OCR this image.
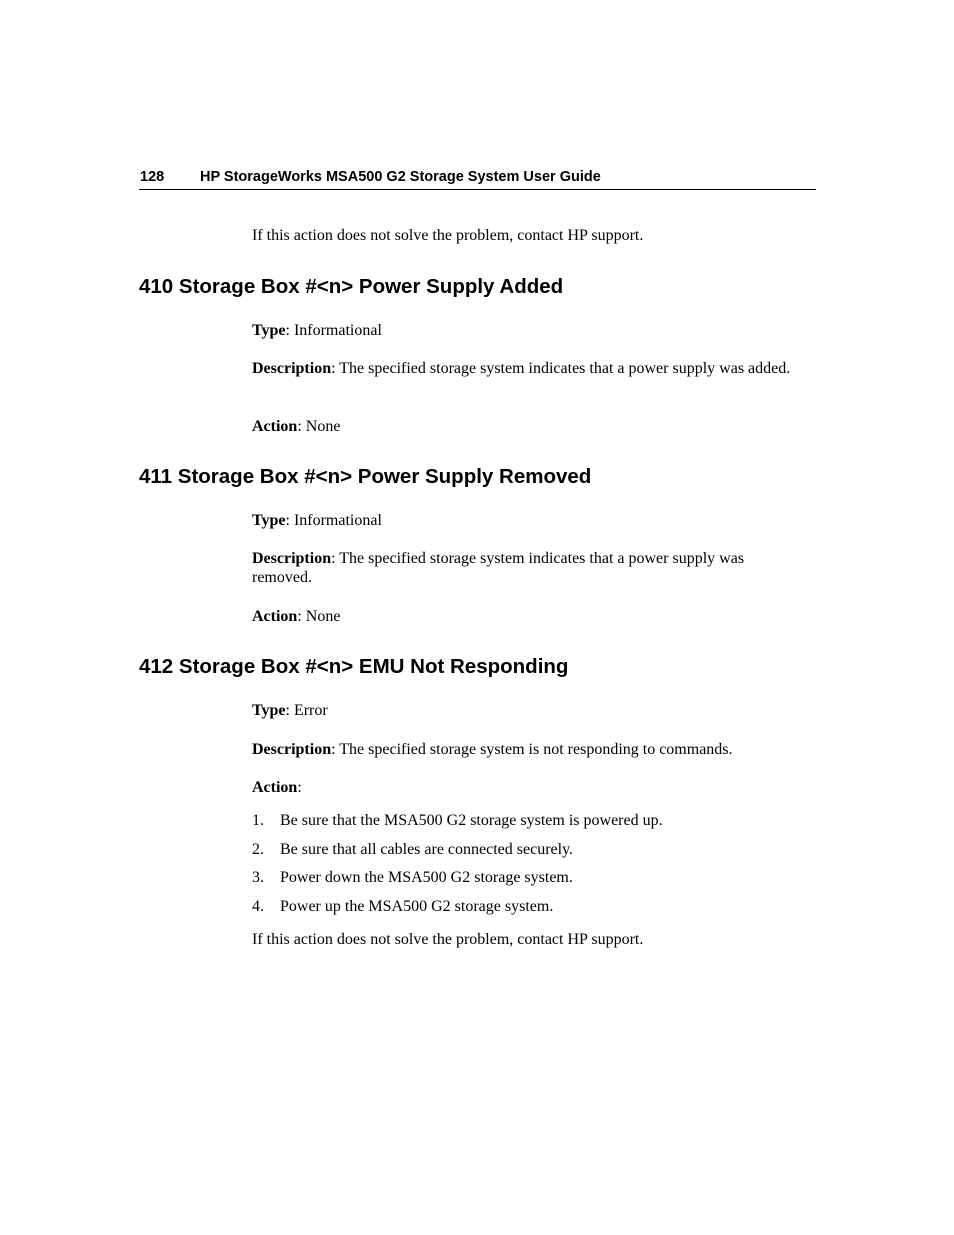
128 HP StorageWorks MSA500 G2 Storage System User Guide

If this action does not solve the problem, contact HP support.

410 Storage Box #<n> Power Supply Added

Type: Informational

Description: The specified storage system indicates that a power supply was added.

Action: None

411 Storage Box #<n> Power Supply Removed

Type: Informational

Description: The specified storage system indicates that a power supply was removed.

Action: None

412 Storage Box #<n> EMU Not Responding

Type: Error

Description: The specified storage system is not responding to commands.

Action:

1. Be sure that the MSA500 G2 storage system is powered up.
2. Be sure that all cables are connected securely.
3. Power down the MSA500 G2 storage system.
4. Power up the MSA500 G2 storage system.

If this action does not solve the problem, contact HP support.
